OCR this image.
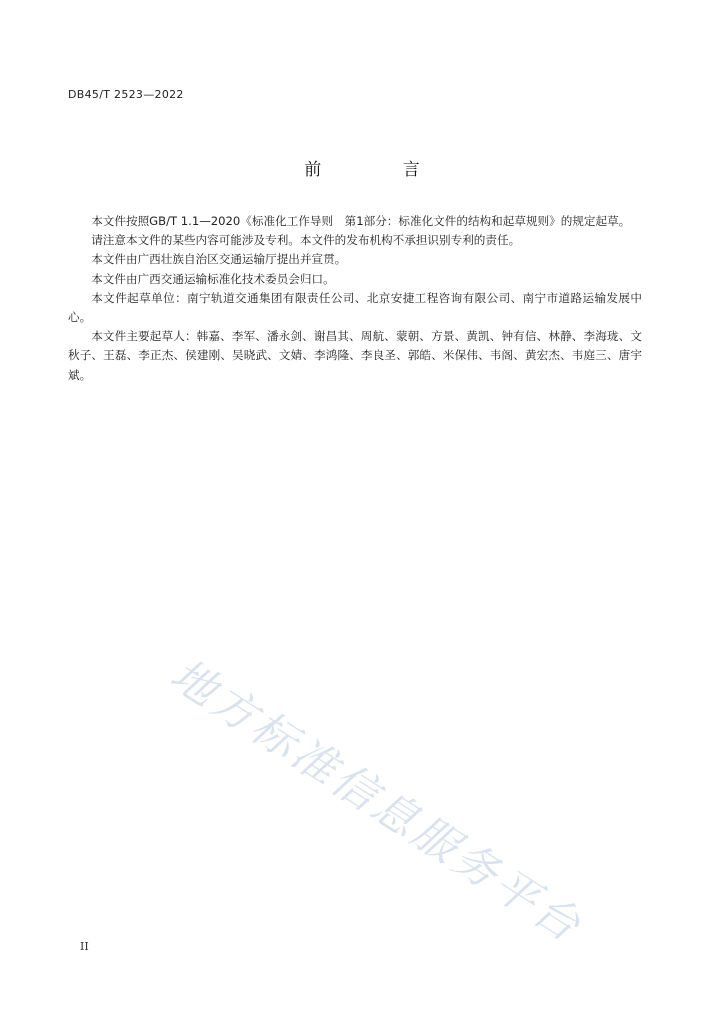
DB45/T 2523—2022
前 言

本文件按照GB/T 1.1—2020《标准化工作导则　第1部分：标准化文件的结构和起草规则》的规定起草。

请注意本文件的某些内容可能涉及专利。本文件的发布机构不承担识别专利的责任。

本文件由广西壮族自治区交通运输厅提出并宣贯。

本文件由广西交通运输标准化技术委员会归口。

本文件起草单位：南宁轨道交通集团有限责任公司、北京安捷工程咨询有限公司、南宁市道路运输发展中心。

本文件主要起草人：韩嘉、李军、潘永剑、谢昌其、周航、蒙朝、方景、黄凯、钟有信、林静、李海珑、文秋子、王磊、李正杰、侯建刚、吴晓武、文婧、李鸿隆、李良圣、郭皓、米保伟、韦阁、黄宏杰、韦庭三、唐宇斌。

地方标准信息服务平台
II
